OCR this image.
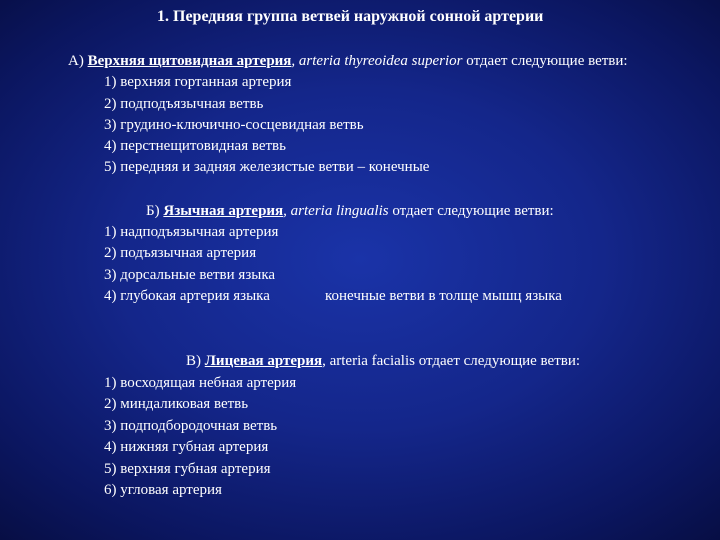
1. Передняя группа ветвей наружной сонной артерии
А) Верхняя щитовидная артерия, arteria thyreoidea superior отдает следующие ветви:
1) верхняя гортанная артерия
2) подподъязычная ветвь
3) грудино-ключично-сосцевидная ветвь
4) перстнещитовидная ветвь
5) передняя и задняя железистые ветви – конечные
Б) Язычная артерия, arteria lingualis отдает следующие ветви:
1) надподъязычная артерия
2) подъязычная артерия
3) дорсальные ветви языка
4) глубокая артерия языка	конечные ветви в толще мышц языка
В) Лицевая артерия, arteria facialis отдает следующие ветви:
1) восходящая небная артерия
2) миндаликовая ветвь
3) подподбородочная ветвь
4) нижняя губная артерия
5) верхняя губная артерия
6) угловая артерия
